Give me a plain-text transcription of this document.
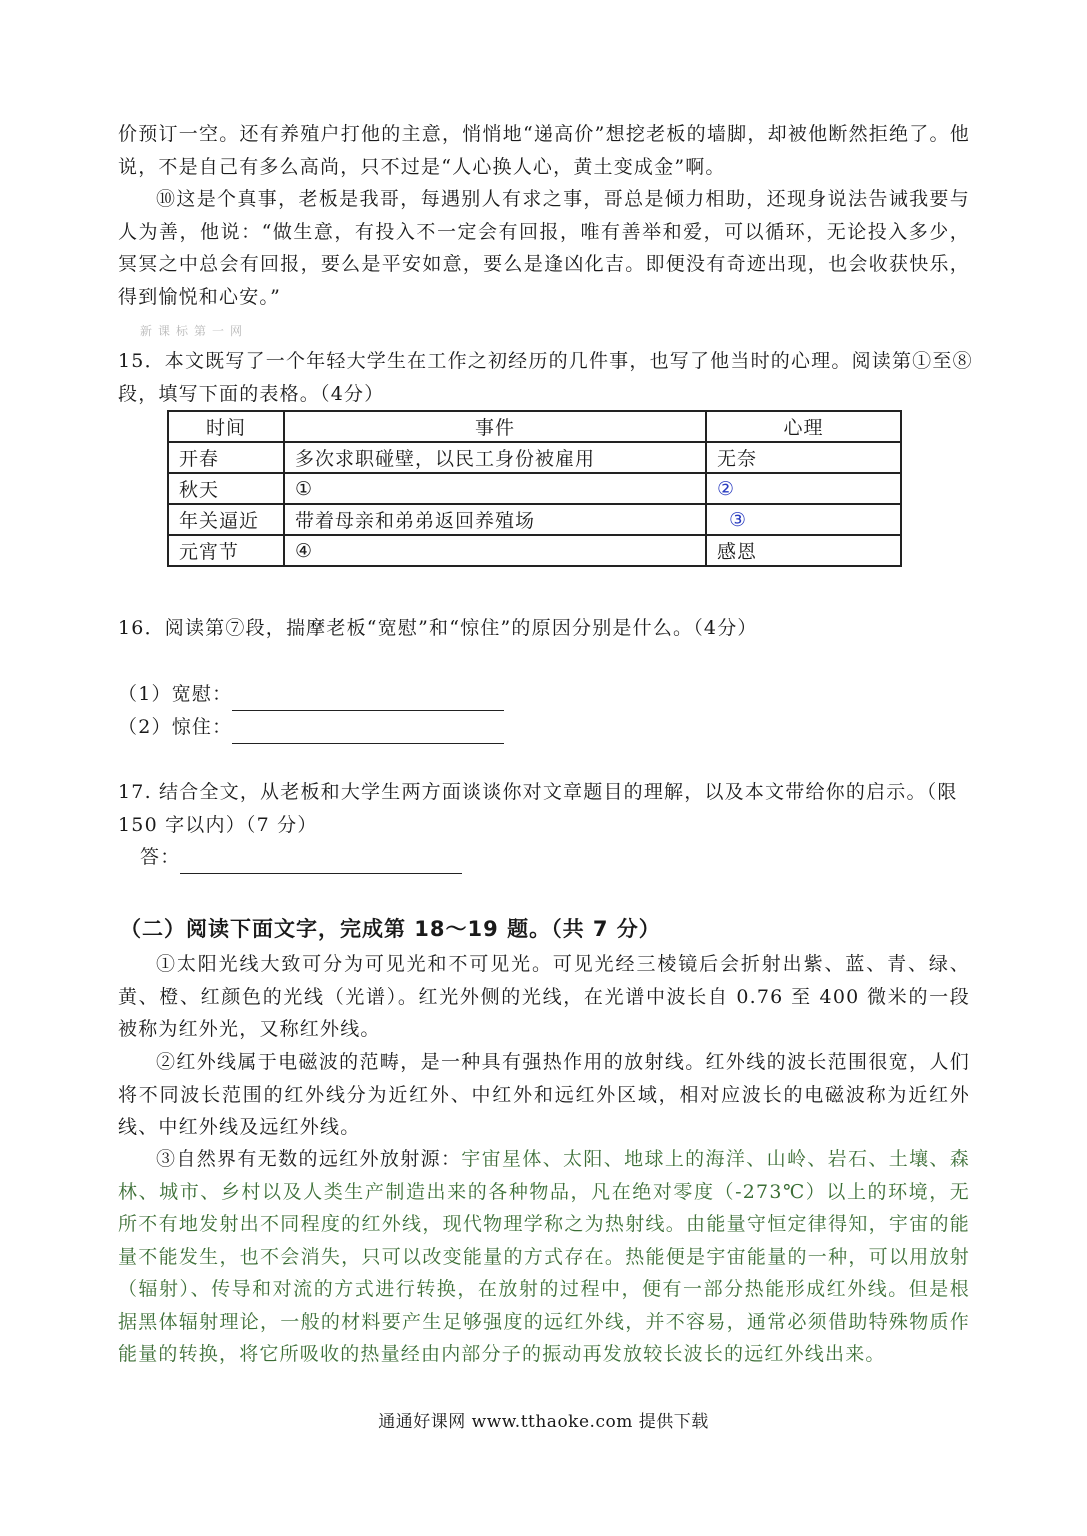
价预订一空。还有养殖户打他的主意，悄悄地“递高价”想挖老板的墙脚，却被他断然拒绝了。他说，不是自己有多么高尚，只不过是“人心换人心，黄土变成金”啊。
⑩这是个真事，老板是我哥，每遇别人有求之事，哥总是倾力相助，还现身说法告诫我要与人为善，他说：“做生意，有投入不一定会有回报，唯有善举和爱，可以循环，无论投入多少，冥冥之中总会有回报，要么是平安如意，要么是逢凶化吉。即便没有奇迹出现，也会收获快乐，得到愉悦和心安。”
新课标第一网
15．本文既写了一个年轻大学生在工作之初经历的几件事，也写了他当时的心理。阅读第①至⑧段，填写下面的表格。（4分）
时间	事件	心理
开春	多次求职碰壁，以民工身份被雇用	无奈
秋天	①	②
年关逼近	带着母亲和弟弟返回养殖场	③
元宵节	④	感恩
16．阅读第⑦段，揣摩老板“宽慰”和“惊住”的原因分别是什么。（4分）
（1）宽慰：
（2）惊住：
17. 结合全文，从老板和大学生两方面谈谈你对文章题目的理解，以及本文带给你的启示。（限 150 字以内）（7 分）
答：
（二）阅读下面文字，完成第 18～19 题。（共 7 分）
①太阳光线大致可分为可见光和不可见光。可见光经三棱镜后会折射出紫、蓝、青、绿、黄、橙、红颜色的光线（光谱）。红光外侧的光线，在光谱中波长自 0.76 至 400 微米的一段被称为红外光，又称红外线。
②红外线属于电磁波的范畴，是一种具有强热作用的放射线。红外线的波长范围很宽，人们将不同波长范围的红外线分为近红外、中红外和远红外区域，相对应波长的电磁波称为近红外线、中红外线及远红外线。
③自然界有无数的远红外放射源：宇宙星体、太阳、地球上的海洋、山岭、岩石、土壤、森林、城市、乡村以及人类生产制造出来的各种物品，凡在绝对零度（-273℃）以上的环境，无所不有地发射出不同程度的红外线，现代物理学称之为热射线。由能量守恒定律得知，宇宙的能量不能发生，也不会消失，只可以改变能量的方式存在。热能便是宇宙能量的一种，可以用放射（辐射）、传导和对流的方式进行转换，在放射的过程中，便有一部分热能形成红外线。但是根据黑体辐射理论，一般的材料要产生足够强度的远红外线，并不容易，通常必须借助特殊物质作能量的转换，将它所吸收的热量经由内部分子的振动再发放较长波长的远红外线出来。
通通好课网 www.tthaoke.com 提供下载
